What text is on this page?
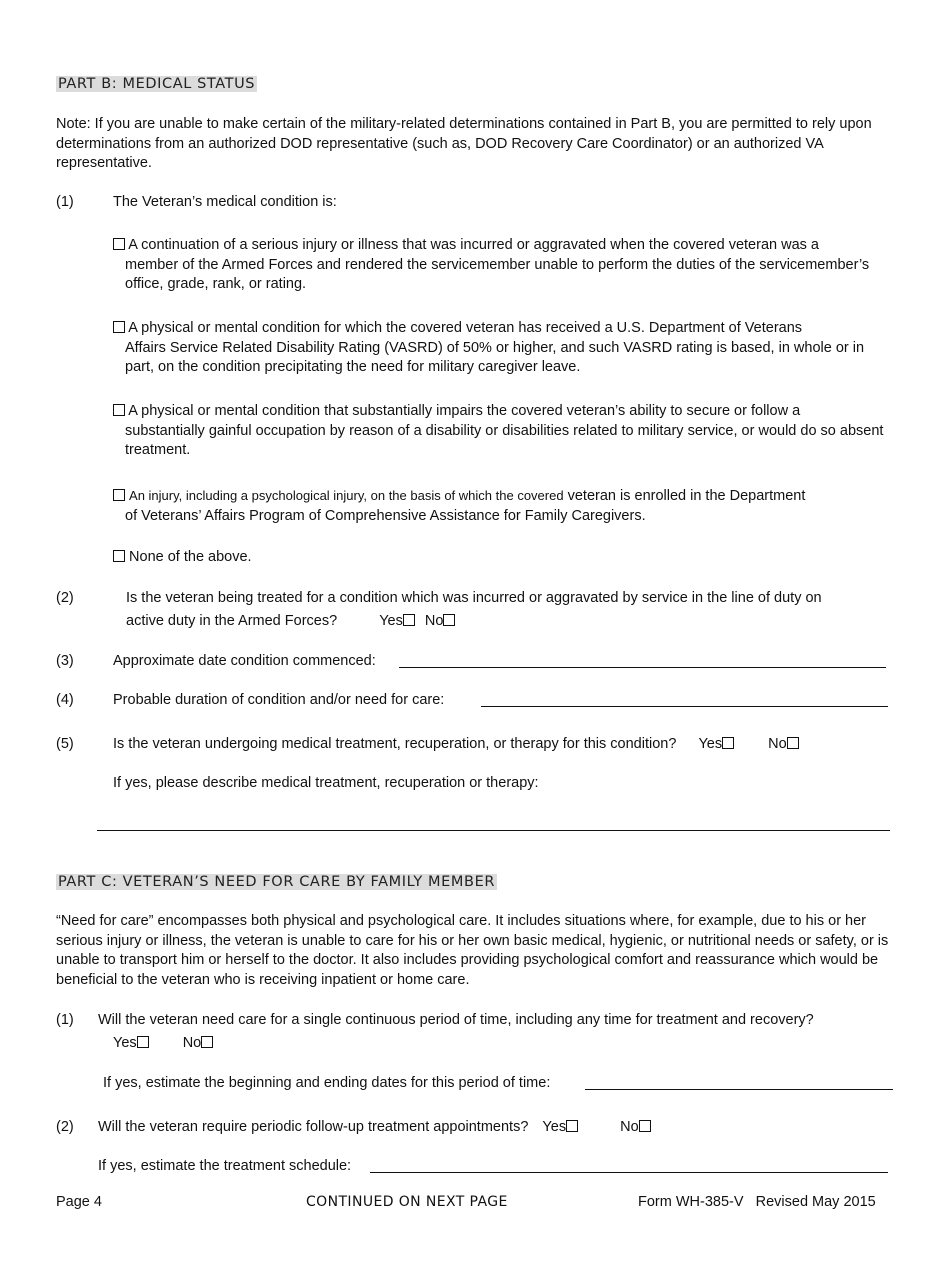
PART B: MEDICAL STATUS
Note: If you are unable to make certain of the military-related determinations contained in Part B, you are permitted to rely upon determinations from an authorized DOD representative (such as, DOD Recovery Care Coordinator) or an authorized VA representative.
(1)	The Veteran’s medical condition is:
A continuation of a serious injury or illness that was incurred or aggravated when the covered veteran was a
member of the Armed Forces and rendered the servicemember unable to perform the duties of the servicemember’s office, grade, rank, or rating.
A physical or mental condition for which the covered veteran has received a U.S. Department of Veterans
Affairs Service Related Disability Rating (VASRD) of 50% or higher, and such VASRD rating is based, in whole or in part, on the condition precipitating the need for military caregiver leave.
A physical or mental condition that substantially impairs the covered veteran’s ability to secure or follow a
substantially gainful occupation by reason of a disability or disabilities related to military service, or would do so absent treatment.
An injury, including a psychological injury, on the basis of which the covered veteran is enrolled in the Department
of Veterans’ Affairs Program of Comprehensive Assistance for Family Caregivers.
None of the above.
(2)	Is the veteran being treated for a condition which was incurred or aggravated by service in the line of duty on
active duty in the Armed Forces?	Yes No
(3)	Approximate date condition commenced:
(4)	Probable duration of condition and/or need for care:
(5)	Is the veteran undergoing medical treatment, recuperation, or therapy for this condition? Yes	No
If yes, please describe medical treatment, recuperation or therapy:
PART C: VETERAN’S NEED FOR CARE BY FAMILY MEMBER
“Need for care” encompasses both physical and psychological care. It includes situations where, for example, due to his or her serious injury or illness, the veteran is unable to care for his or her own basic medical, hygienic, or nutritional needs or safety, or is unable to transport him or herself to the doctor. It also includes providing psychological comfort and reassurance which would be beneficial to the veteran who is receiving inpatient or home care.
(1) Will the veteran need care for a single continuous period of time, including any time for treatment and recovery?
Yes	No
If yes, estimate the beginning and ending dates for this period of time:
(2) Will the veteran require periodic follow-up treatment appointments? Yes	No
If yes, estimate the treatment schedule:
Page 4	CONTINUED ON NEXT PAGE	Form WH-385-V   Revised May 2015
